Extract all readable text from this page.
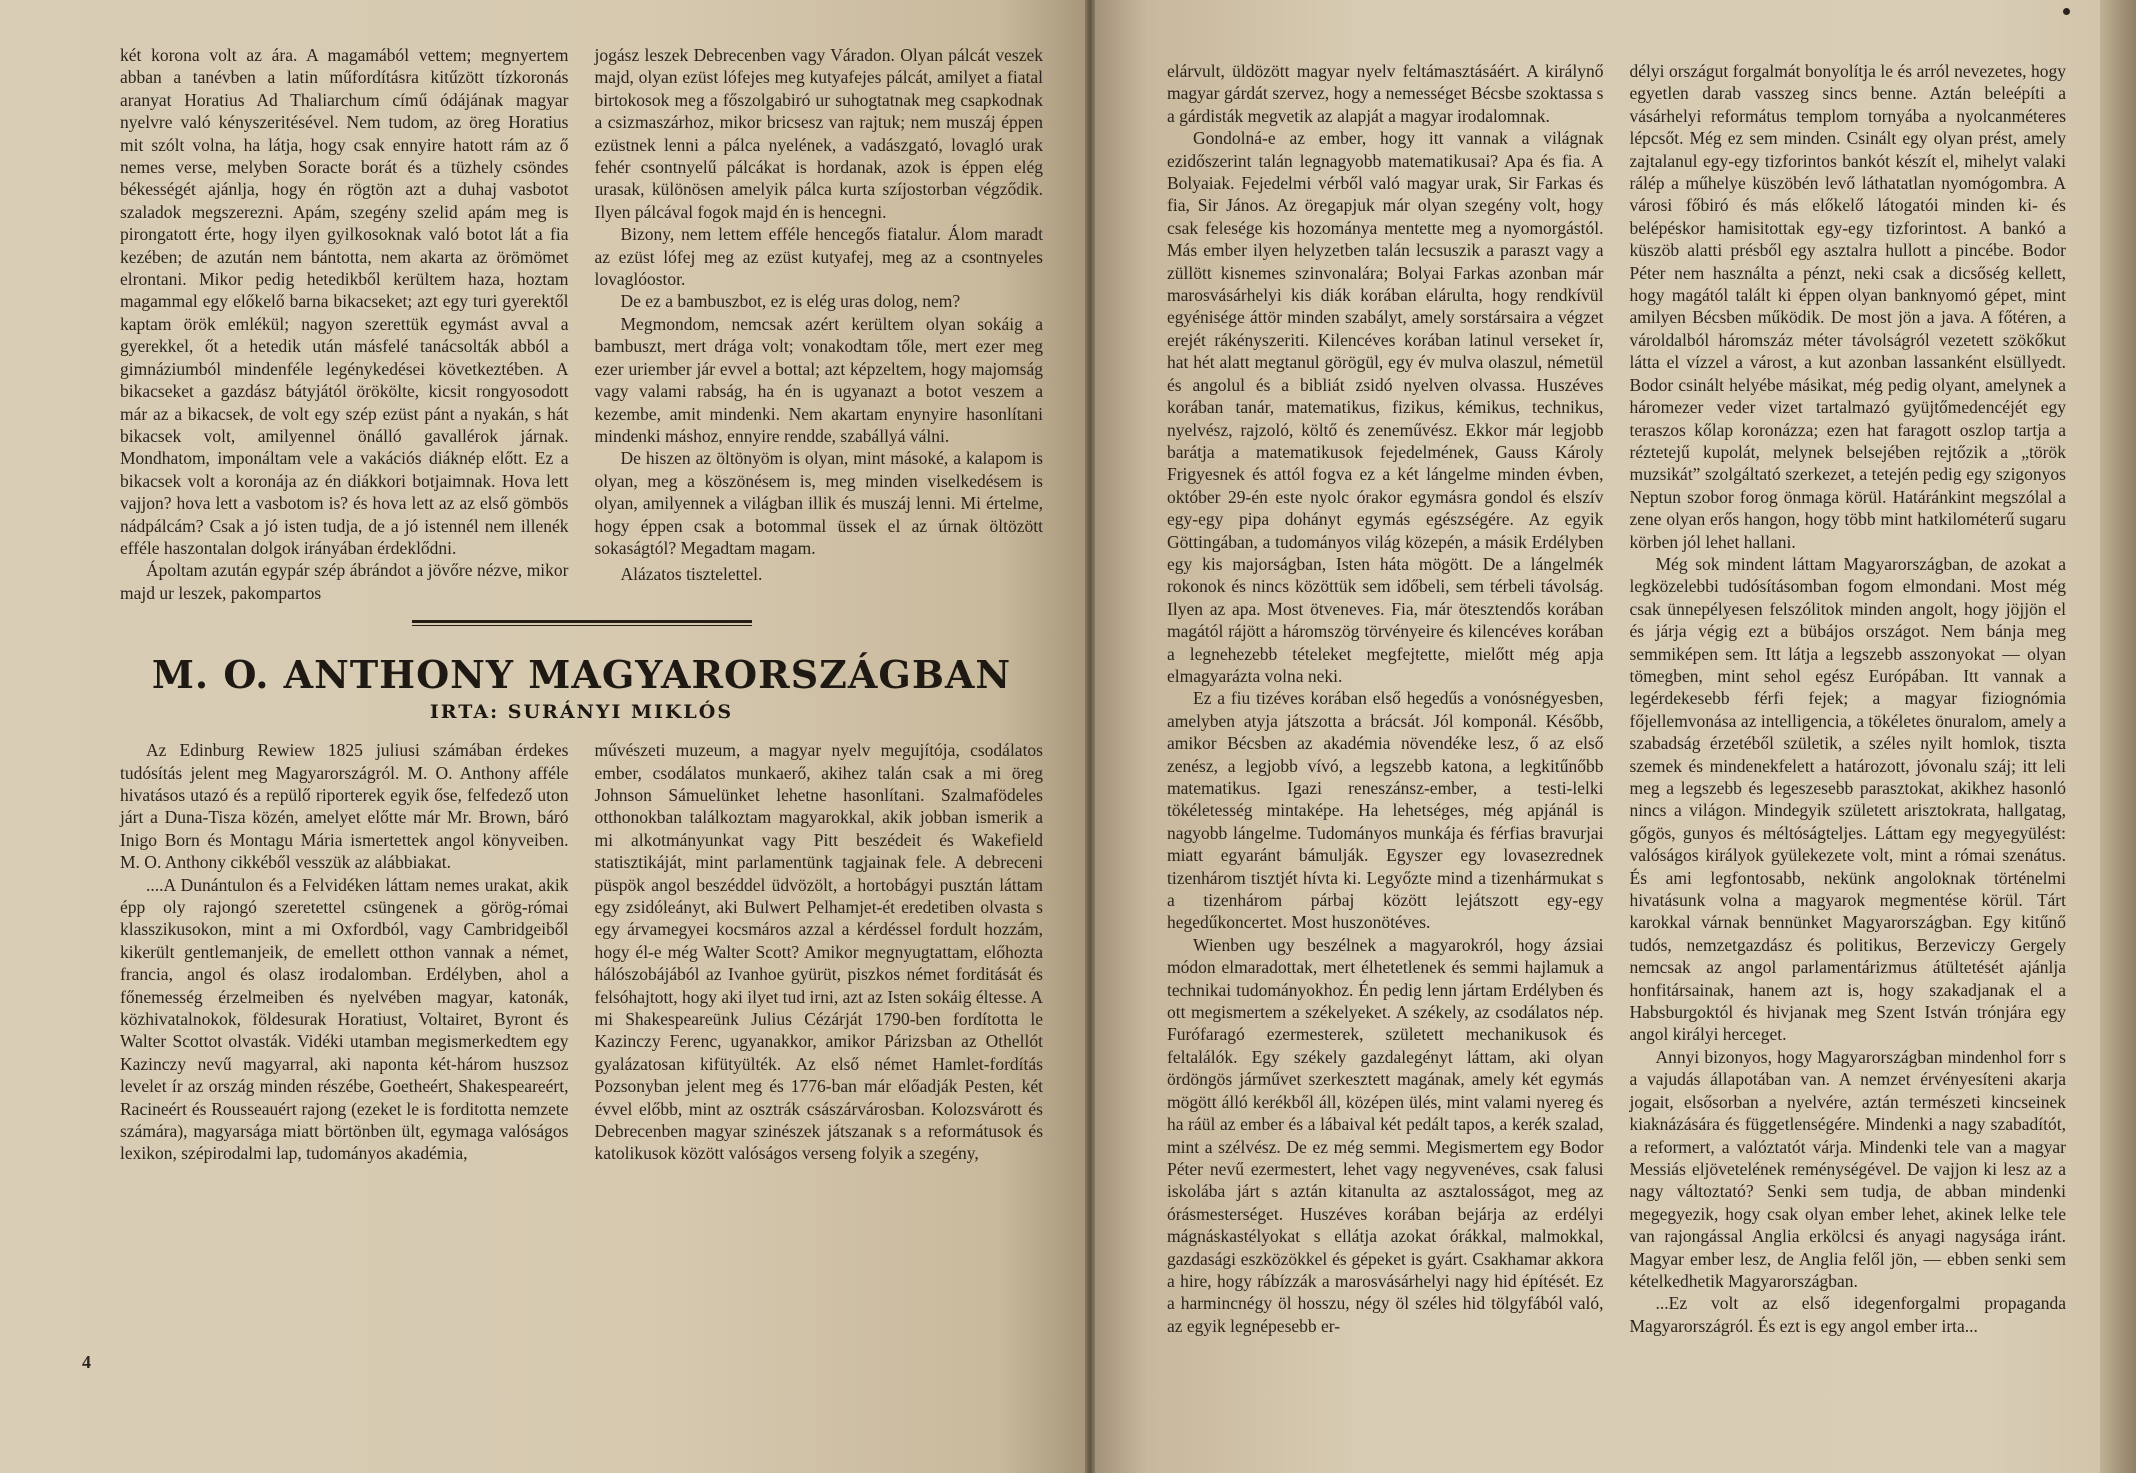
két korona volt az ára. A magamából vettem; megnyertem abban a tanévben a latin műfordításra kitűzött tízkoronás aranyat Horatius Ad Thaliarchum című ódájának magyar nyelvre való kényszeritésével. Nem tudom, az öreg Horatius mit szólt volna, ha látja, hogy csak ennyire hatott rám az ő nemes verse, melyben Soracte borát és a tüzhely csöndes békességét ajánlja, hogy én rögtön azt a duhaj vasbotot szaladok megszerezni. Apám, szegény szelid apám meg is pirongatott érte, hogy ilyen gyilkosoknak való botot lát a fia kezében; de azután nem bántotta, nem akarta az örömömet elrontani. Mikor pedig hetedikből kerültem haza, hoztam magammal egy előkelő barna bikacseket; azt egy turi gyerektől kaptam örök emlékül; nagyon szerettük egymást avval a gyerekkel, őt a hetedik után másfelé tanácsolták abból a gimnáziumból mindenféle legénykedései következtében. A bikacseket a gazdász bátyjától örökölte, kicsit rongyosodott már az a bikacsek, de volt egy szép ezüst pánt a nyakán, s hát bikacsek volt, amilyennel önálló gavallérok járnak. Mondhatom, imponáltam vele a vakációs diáknép előtt. Ez a bikacsek volt a koronája az én diákkori botjaimnak. Hova lett vajjon? hova lett a vasbotom is? és hova lett az az első gömbös nádpálcám? Csak a jó isten tudja, de a jó istennél nem illenék efféle haszontalan dolgok irányában érdeklődni.

Ápoltam azután egypár szép ábrándot a jövőre nézve, mikor majd ur leszek, pakompartos

jogász leszek Debrecenben vagy Váradon. Olyan pálcát veszek majd, olyan ezüst lófejes meg kutyafejes pálcát, amilyet a fiatal birtokosok meg a főszolgabiró ur suhogtatnak meg csapkodnak a csizmaszárhoz, mikor bricsesz van rajtuk; nem muszáj éppen ezüstnek lenni a pálca nyelének, a vadászgató, lovagló urak fehér csontnyelű pálcákat is hordanak, azok is éppen elég urasak, különösen amelyik pálca kurta szíjostorban végződik. Ilyen pálcával fogok majd én is hencegni.

Bizony, nem lettem efféle hencegős fiatalur. Álom maradt az ezüst lófej meg az ezüst kutyafej, meg az a csontnyeles lovaglóostor.

De ez a bambuszbot, ez is elég uras dolog, nem?

Megmondom, nemcsak azért kerültem olyan sokáig a bambuszt, mert drága volt; vonakodtam tőle, mert ezer meg ezer uriember jár evvel a bottal; azt képzeltem, hogy majomság vagy valami rabság, ha én is ugyanazt a botot veszem a kezembe, amit mindenki. Nem akartam enynyire hasonlítani mindenki máshoz, ennyire rendde, szabállyá válni.

De hiszen az öltönyöm is olyan, mint másoké, a kalapom is olyan, meg a köszönésem is, meg minden viselkedésem is olyan, amilyennek a világban illik és muszáj lenni. Mi értelme, hogy éppen csak a botommal üssek el az úrnak öltözött sokaságtól? Megadtam magam.

Alázatos tisztelettel.

M. O. ANTHONY MAGYARORSZÁGBAN
IRTA: SURÁNYI MIKLÓS

Az Edinburg Rewiew 1825 juliusi számában érdekes tudósítás jelent meg Magyarországról. M. O. Anthony afféle hivatásos utazó és a repülő riporterek egyik őse, felfedező uton járt a Duna-Tisza közén, amelyet előtte már Mr. Brown, báró Inigo Born és Montagu Mária ismertettek angol könyveiben. M. O. Anthony cikkéből vesszük az alábbiakat.

....A Dunántulon és a Felvidéken láttam nemes urakat, akik épp oly rajongó szeretettel csüngenek a görög-római klasszikusokon, mint a mi Oxfordból, vagy Cambridgeiből kikerült gentlemanjeik, de emellett otthon vannak a német, francia, angol és olasz irodalomban. Erdélyben, ahol a főnemesség érzelmeiben és nyelvében magyar, katonák, közhivatalnokok, földesurak Horatiust, Voltairet, Byront és Walter Scottot olvasták. Vidéki utamban megismerkedtem egy Kazinczy nevű magyarral, aki naponta két-három huszsoz levelet ír az ország minden részébe, Goetheért, Shakespeareért, Racineért és Rousseauért rajong (ezeket le is forditotta nemzete számára), magyarsága miatt börtönben ült, egymaga valóságos lexikon, szépirodalmi lap, tudományos akadémia,

művészeti muzeum, a magyar nyelv megujítója, csodálatos ember, csodálatos munkaerő, akihez talán csak a mi öreg Johnson Sámuelünket lehetne hasonlítani. Szalmafödeles otthonokban találkoztam magyarokkal, akik jobban ismerik a mi alkotmányunkat vagy Pitt beszédeit és Wakefield statisztikáját, mint parlamentünk tagjainak fele. A debreceni püspök angol beszéddel üdvözölt, a hortobágyi pusztán láttam egy zsidóleányt, aki Bulwert Pelhamjet-ét eredetiben olvasta s egy árvamegyei kocsmáros azzal a kérdéssel fordult hozzám, hogy él-e még Walter Scott? Amikor megnyugtattam, előhozta hálószobájából az Ivanhoe gyürüt, piszkos német forditását és felsóhajtott, hogy aki ilyet tud irni, azt az Isten sokáig éltesse. A mi Shakespeareünk Julius Cézárját 1790-ben fordította le Kazinczy Ferenc, ugyanakkor, amikor Párizsban az Othellót gyalázatosan kifütyülték. Az első német Hamlet-fordítás Pozsonyban jelent meg és 1776-ban már előadják Pesten, két évvel előbb, mint az osztrák császárvárosban. Kolozsvárott és Debrecenben magyar szinészek játszanak s a reformátusok és katolikusok között valóságos verseng folyik a szegény,

4

elárvult, üldözött magyar nyelv feltámasztásáért. A királynő magyar gárdát szervez, hogy a nemességet Bécsbe szoktassa s a gárdisták megvetik az alapját a magyar irodalomnak.

Gondolná-e az ember, hogy itt vannak a világnak ezidőszerint talán legnagyobb matematikusai? Apa és fia. A Bolyaiak. Fejedelmi vérből való magyar urak, Sir Farkas és fia, Sir János. Az öregapjuk már olyan szegény volt, hogy csak felesége kis hozománya mentette meg a nyomorgástól. Más ember ilyen helyzetben talán lecsuszik a paraszt vagy a züllött kisnemes szinvonalára; Bolyai Farkas azonban már marosvásárhelyi kis diák korában elárulta, hogy rendkívül egyénisége áttör minden szabályt, amely sorstársaira a végzet erejét rákényszeriti. Kilencéves korában latinul verseket ír, hat hét alatt megtanul görögül, egy év mulva olaszul, németül és angolul és a bibliát zsidó nyelven olvassa. Huszéves korában tanár, matematikus, fizikus, kémikus, technikus, nyelvész, rajzoló, költő és zeneművész. Ekkor már legjobb barátja a matematikusok fejedelmének, Gauss Károly Frigyesnek és attól fogva ez a két lángelme minden évben, október 29-én este nyolc órakor egymásra gondol és elszív egy-egy pipa dohányt egymás egészségére. Az egyik Göttingában, a tudományos világ közepén, a másik Erdélyben egy kis majorságban, Isten háta mögött. De a lángelmék rokonok és nincs közöttük sem időbeli, sem térbeli távolság. Ilyen az apa. Most ötveneves. Fia, már ötesztendős korában magától rájött a háromszög törvényeire és kilencéves korában a legnehezebb tételeket megfejtette, mielőtt még apja elmagyarázta volna neki.

Ez a fiu tizéves korában első hegedűs a vonósnégyesben, amelyben atyja játszotta a brácsát. Jól komponál. Később, amikor Bécsben az akadémia növendéke lesz, ő az első zenész, a legjobb vívó, a legszebb katona, a legkitűnőbb matematikus. Igazi reneszánsz-ember, a testi-lelki tökéletesség mintaképe. Ha lehetséges, még apjánál is nagyobb lángelme. Tudományos munkája és férfias bravurjai miatt egyaránt bámulják. Egyszer egy lovasezrednek tizenhárom tisztjét hívta ki. Legyőzte mind a tizenhármukat s a tizenhárom párbaj között lejátszott egy-egy hegedűkoncertet. Most huszonötéves.

Wienben ugy beszélnek a magyarokról, hogy ázsiai módon elmaradottak, mert élhetetlenek és semmi hajlamuk a technikai tudományokhoz. Én pedig lenn jártam Erdélyben és ott megismertem a székelyeket. A székely, az csodálatos nép. Furófaragó ezermesterek, született mechanikusok és feltalálók. Egy székely gazdalegényt láttam, aki olyan ördöngös járművet szerkesztett magának, amely két egymás mögött álló kerékből áll, középen ülés, mint valami nyereg és ha ráül az ember és a lábaival két pedált tapos, a kerék szalad, mint a szélvész. De ez még semmi. Megismertem egy Bodor Péter nevű ezermestert, lehet vagy negyvenéves, csak falusi iskolába járt s aztán kitanulta az asztalosságot, meg az órásmesterséget. Huszéves korában bejárja az erdélyi mágnáskastélyokat s ellátja azokat órákkal, malmokkal, gazdasági eszközökkel és gépeket is gyárt. Csakhamar akkora a hire, hogy rábízzák a marosvásárhelyi nagy hid építését. Ez a harmincnégy öl hosszu, négy öl széles hid tölgyfából való, az egyik legnépesebb er-

délyi országut forgalmát bonyolítja le és arról nevezetes, hogy egyetlen darab vasszeg sincs benne. Aztán beleépíti a vásárhelyi református templom tornyába a nyolcanméteres lépcsőt. Még ez sem minden. Csinált egy olyan prést, amely zajtalanul egy-egy tizforintos bankót készít el, mihelyt valaki rálép a műhelye küszöbén levő láthatatlan nyomógombra. A városi főbiró és más előkelő látogatói minden ki- és belépéskor hamisitottak egy-egy tizforintost. A bankó a küszöb alatti présből egy asztalra hullott a pincébe. Bodor Péter nem használta a pénzt, neki csak a dicsőség kellett, hogy magától talált ki éppen olyan banknyomó gépet, mint amilyen Bécsben működik. De most jön a java. A főtéren, a vároldalból háromszáz méter távolságról vezetett szökőkut látta el vízzel a várost, a kut azonban lassanként elsüllyedt. Bodor csinált helyébe másikat, még pedig olyant, amelynek a háromezer veder vizet tartalmazó gyüjtőmedencéjét egy teraszos kőlap koronázza; ezen hat faragott oszlop tartja a réztetejű kupolát, melynek belsejében rejtőzik a „török muzsikát” szolgáltató szerkezet, a tetején pedig egy szigonyos Neptun szobor forog önmaga körül. Határánkint megszólal a zene olyan erős hangon, hogy több mint hatkilométerű sugaru körben jól lehet hallani.

Még sok mindent láttam Magyarországban, de azokat a legközelebbi tudósításomban fogom elmondani. Most még csak ünnepélyesen felszólitok minden angolt, hogy jöjjön el és járja végig ezt a bübájos országot. Nem bánja meg semmiképen sem. Itt látja a legszebb asszonyokat — olyan tömegben, mint sehol egész Európában. Itt vannak a legérdekesebb férfi fejek; a magyar fiziognómia főjellemvonása az intelligencia, a tökéletes önuralom, amely a szabadság érzetéből születik, a széles nyilt homlok, tiszta szemek és mindenekfelett a határozott, jóvonalu száj; itt leli meg a legszebb és legeszesebb parasztokat, akikhez hasonló nincs a világon. Mindegyik született arisztokrata, hallgatag, gőgös, gunyos és méltóságteljes. Láttam egy megyegyülést: valóságos királyok gyülekezete volt, mint a római szenátus. És ami legfontosabb, nekünk angoloknak történelmi hivatásunk volna a magyarok megmentése körül. Tárt karokkal várnak bennünket Magyarországban. Egy kitűnő tudós, nemzetgazdász és politikus, Berzeviczy Gergely nemcsak az angol parlamentárizmus átültetését ajánlja honfitársainak, hanem azt is, hogy szakadjanak el a Habsburgoktól és hivjanak meg Szent István trónjára egy angol királyi herceget.

Annyi bizonyos, hogy Magyarországban mindenhol forr s a vajudás állapotában van. A nemzet érvényesíteni akarja jogait, elsősorban a nyelvére, aztán természeti kincseinek kiaknázására és függetlenségére. Mindenki a nagy szabadítót, a reformert, a valóztatót várja. Mindenki tele van a magyar Messiás eljövetelének reménységével. De vajjon ki lesz az a nagy változtató? Senki sem tudja, de abban mindenki megegyezik, hogy csak olyan ember lehet, akinek lelke tele van rajongással Anglia erkölcsi és anyagi nagysága iránt. Magyar ember lesz, de Anglia felől jön, — ebben senki sem kételkedhetik Magyarországban.

...Ez volt az első idegenforgalmi propaganda Magyarországról. És ezt is egy angol ember irta...
